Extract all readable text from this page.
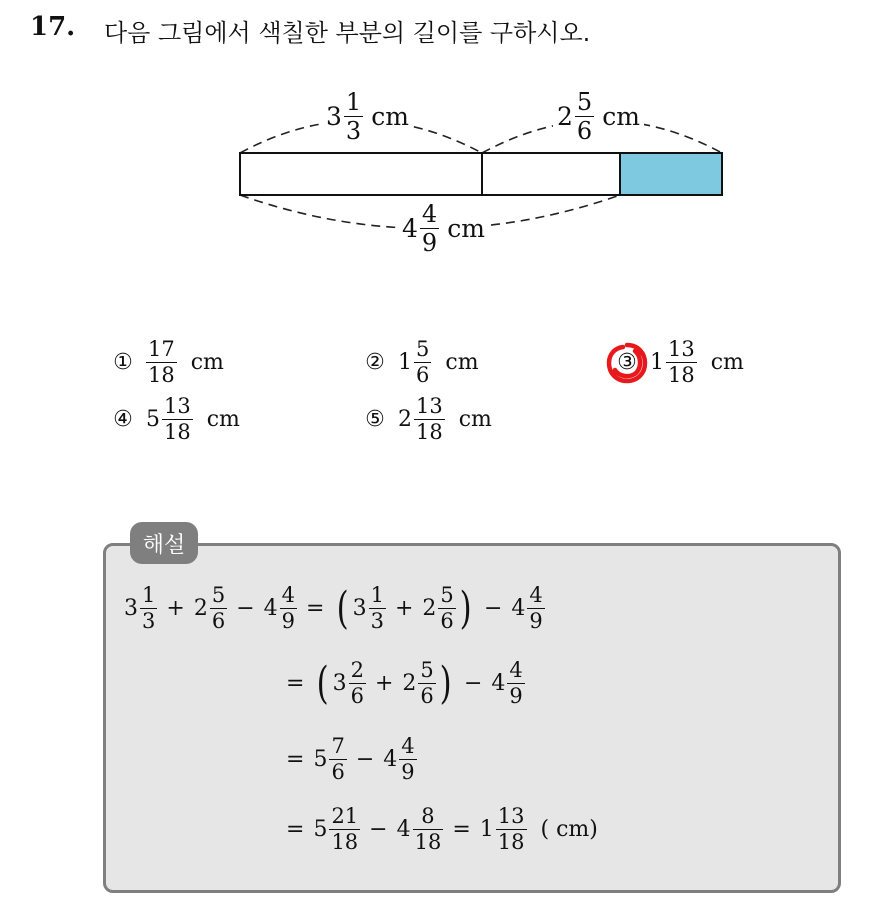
17. 다음 그림에서 색칠한 부분의 길이를 구하시오.
$3 \frac{1}{3}$ cm	$2 \frac{5}{6}$ cm
$4 \frac{4}{9}$ cm
① $\frac{17}{18}$ cm	② $1 \frac{5}{6}$ cm	③ $1 \frac{13}{18}$ cm
④ $5 \frac{13}{18}$ cm	⑤ $2 \frac{13}{18}$ cm
해설
$3 \frac{1}{3} + 2 \frac{5}{6} - 4 \frac{4}{9}$ = ( $3 \frac{1}{3} + 2 \frac{5}{6}$ ) − $4 \frac{4}{9}$
= ( $3 \frac{2}{6} + 2 \frac{5}{6}$ ) − $4 \frac{4}{9}$
= $5 \frac{7}{6} - 4 \frac{4}{9}$
= $5 \frac{21}{18} - 4 \frac{8}{18} = 1 \frac{13}{18}$ ( cm)
